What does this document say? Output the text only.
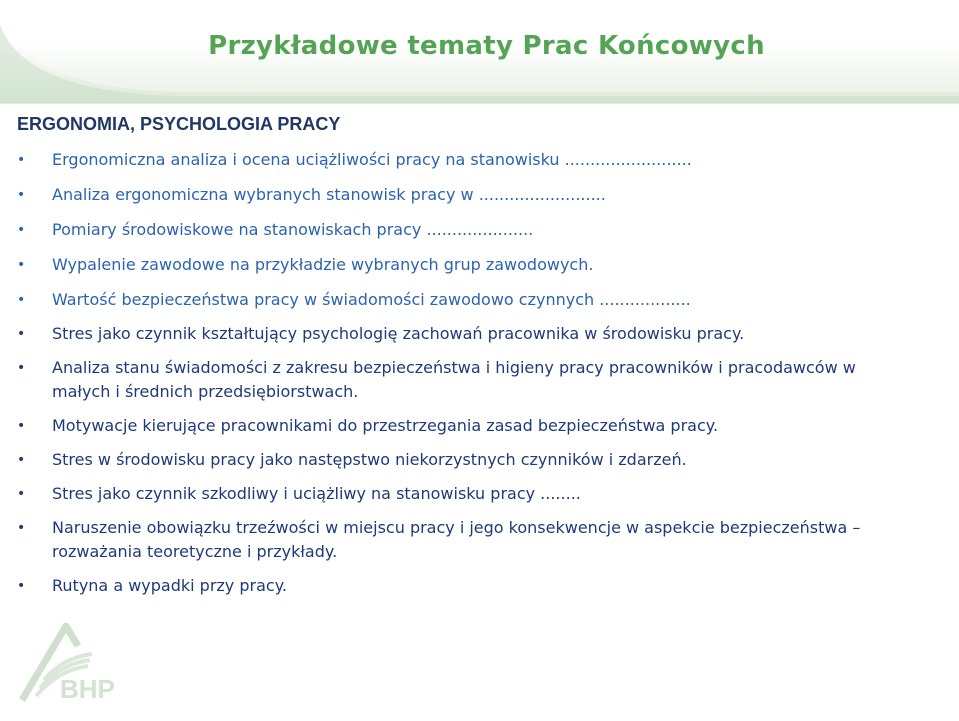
Przykładowe tematy Prac Końcowych
ERGONOMIA, PSYCHOLOGIA PRACY
• Ergonomiczna analiza i ocena uciążliwości pracy na stanowisku .........................
• Analiza ergonomiczna wybranych stanowisk pracy w .........................
• Pomiary środowiskowe na stanowiskach pracy .....................
• Wypalenie zawodowe na przykładzie wybranych grup zawodowych.
• Wartość bezpieczeństwa pracy w świadomości zawodowo czynnych ..................
• Stres jako czynnik kształtujący psychologię zachowań pracownika w środowisku pracy.
• Analiza stanu świadomości z zakresu bezpieczeństwa i higieny pracy pracowników i pracodawców w małych i średnich przedsiębiorstwach.
• Motywacje kierujące pracownikami do przestrzegania zasad bezpieczeństwa pracy.
• Stres w środowisku pracy jako następstwo niekorzystnych czynników i zdarzeń.
• Stres jako czynnik szkodliwy i uciążliwy na stanowisku pracy ........
• Naruszenie obowiązku trzeźwości w miejscu pracy i jego konsekwencje w aspekcie bezpieczeństwa – rozważania teoretyczne i przykłady.
• Rutyna a wypadki przy pracy.
BHP
